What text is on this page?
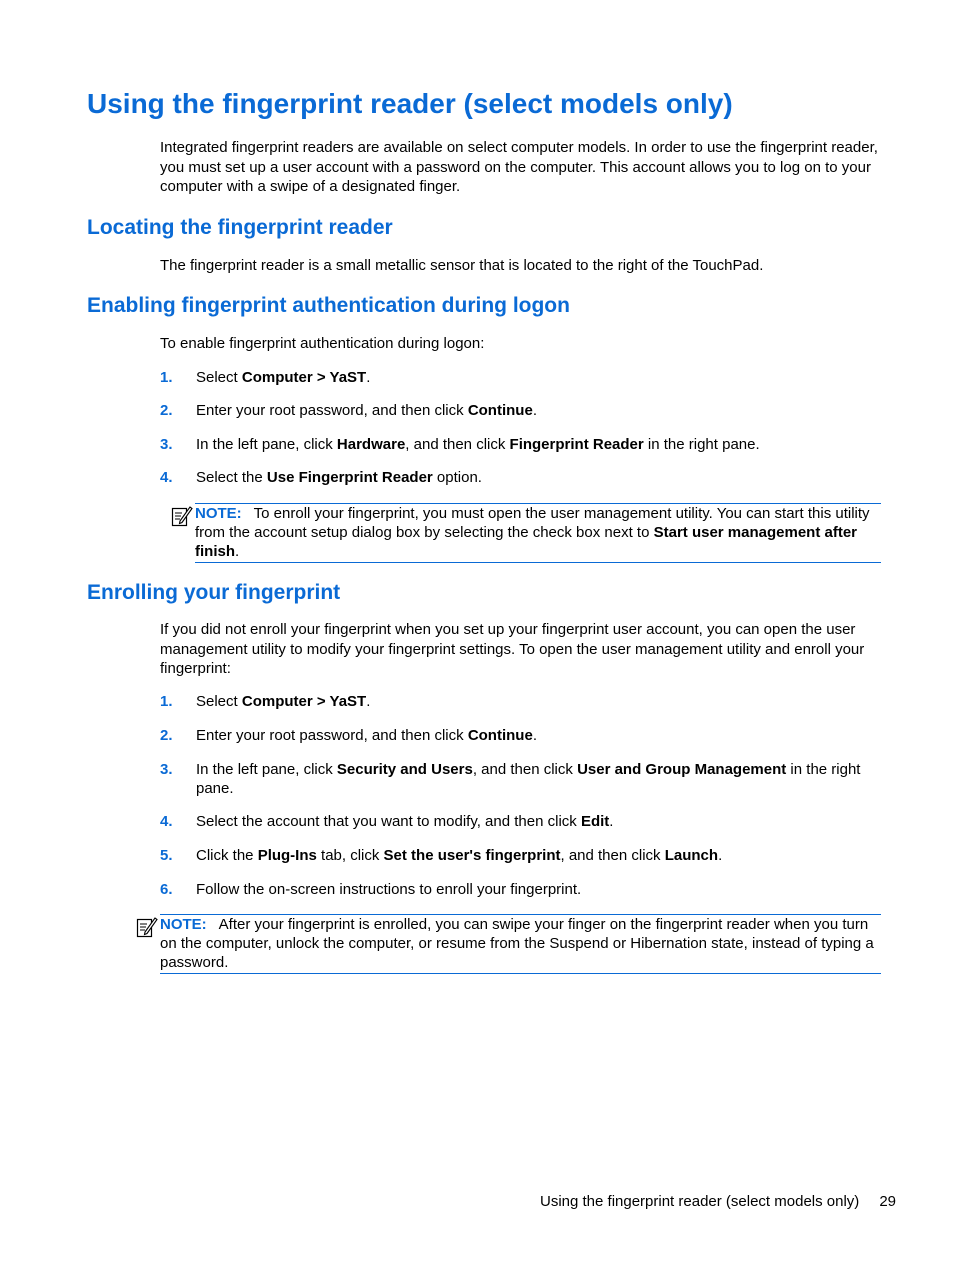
Using the fingerprint reader (select models only)

Integrated fingerprint readers are available on select computer models. In order to use the fingerprint reader, you must set up a user account with a password on the computer. This account allows you to log on to your computer with a swipe of a designated finger.

Locating the fingerprint reader

The fingerprint reader is a small metallic sensor that is located to the right of the TouchPad.

Enabling fingerprint authentication during logon

To enable fingerprint authentication during logon:

1. Select Computer > YaST.
2. Enter your root password, and then click Continue.
3. In the left pane, click Hardware, and then click Fingerprint Reader in the right pane.
4. Select the Use Fingerprint Reader option.
NOTE: To enroll your fingerprint, you must open the user management utility. You can start this utility from the account setup dialog box by selecting the check box next to Start user management after finish.
Enrolling your fingerprint

If you did not enroll your fingerprint when you set up your fingerprint user account, you can open the user management utility to modify your fingerprint settings. To open the user management utility and enroll your fingerprint:

1. Select Computer > YaST.
2. Enter your root password, and then click Continue.
3. In the left pane, click Security and Users, and then click User and Group Management in the right pane.
4. Select the account that you want to modify, and then click Edit.
5. Click the Plug-Ins tab, click Set the user's fingerprint, and then click Launch.
6. Follow the on-screen instructions to enroll your fingerprint.
NOTE: After your fingerprint is enrolled, you can swipe your finger on the fingerprint reader when you turn on the computer, unlock the computer, or resume from the Suspend or Hibernation state, instead of typing a password.
Using the fingerprint reader (select models only) 29
